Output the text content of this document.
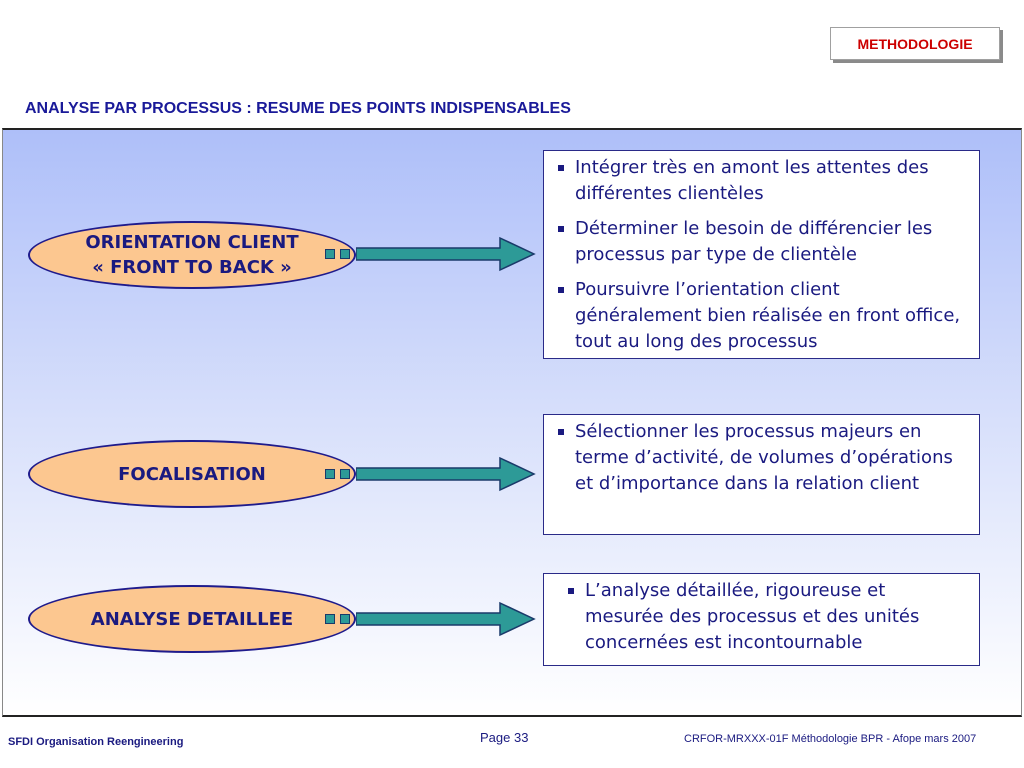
METHODOLOGIE
ANALYSE PAR PROCESSUS : RESUME DES POINTS INDISPENSABLES
ORIENTATION CLIENT
« FRONT TO BACK »
Intégrer très en amont les attentes des différentes clientèles
Déterminer le besoin de différencier les processus par type de clientèle
Poursuivre l’orientation client généralement bien réalisée en front office, tout au long des processus
FOCALISATION
Sélectionner les processus majeurs en terme d’activité, de volumes d’opérations et d’importance dans la relation client
ANALYSE DETAILLEE
L’analyse détaillée, rigoureuse et mesurée des processus et des unités concernées est incontournable
SFDI Organisation Reengineering	Page 33	CRFOR-MRXXX-01F Méthodologie BPR - Afope mars 2007
